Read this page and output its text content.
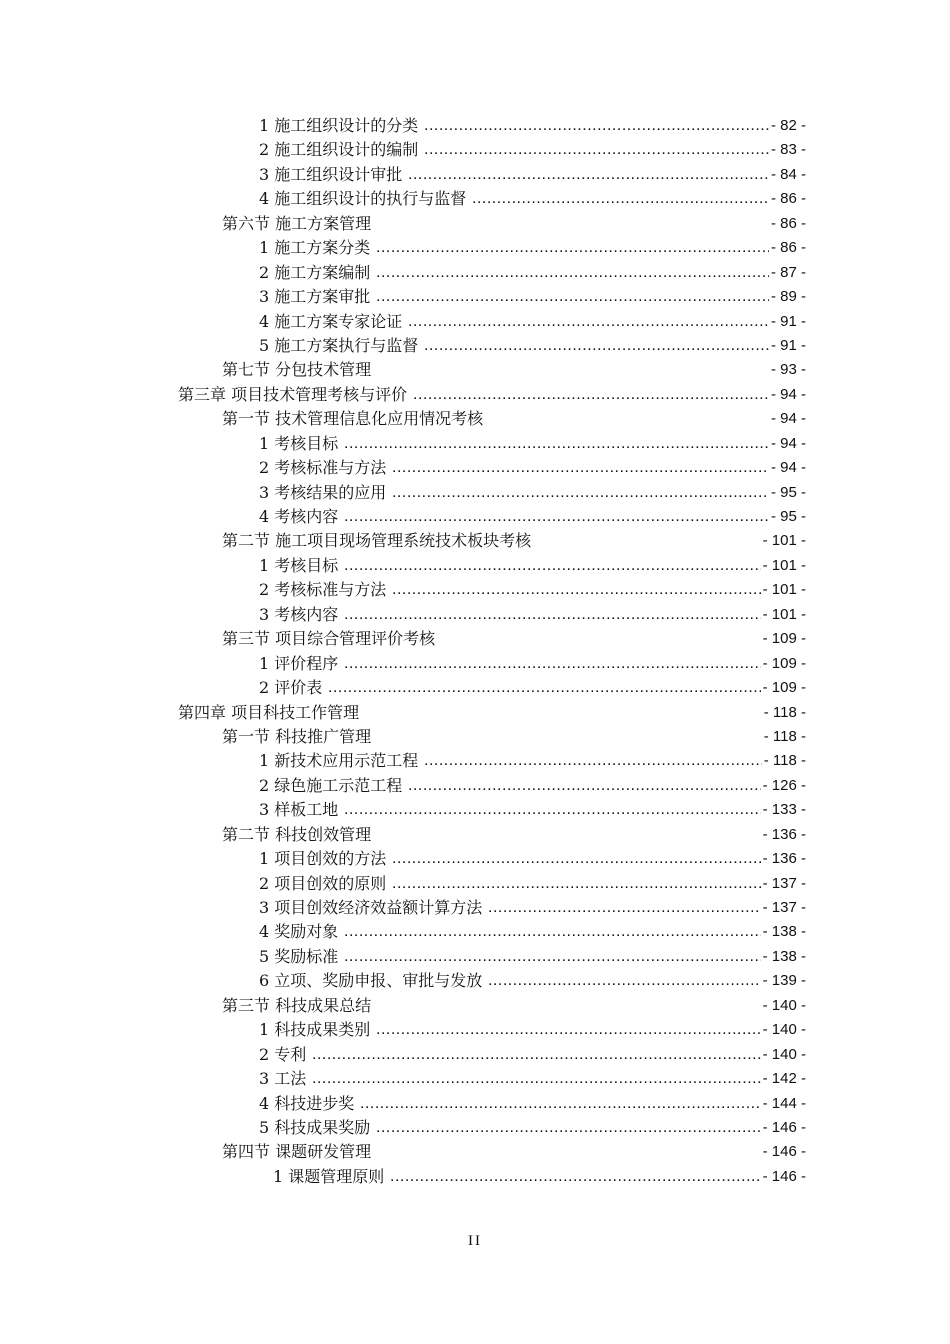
1 施工组织设计的分类	- 82 -
.....
2 施工组织设计的编制	- 83 -
.....
3 施工组织设计审批	- 84 -
.....
4 施工组织设计的执行与监督	- 86 -
.....
第六节 施工方案管理	- 86 -
1 施工方案分类	- 86 -
.....
2 施工方案编制	- 87 -
.....
3 施工方案审批	- 89 -
.....
4 施工方案专家论证	- 91 -
.....
5 施工方案执行与监督	- 91 -
.....
第七节 分包技术管理	- 93 -
第三章 项目技术管理考核与评价	- 94 -
.....
第一节 技术管理信息化应用情况考核	- 94 -
1 考核目标	- 94 -
.....
2 考核标准与方法	- 94 -
.....
3 考核结果的应用	- 95 -
.....
4 考核内容	- 95 -
.....
第二节 施工项目现场管理系统技术板块考核	- 101 -
1 考核目标	- 101 -
.....
2 考核标准与方法	- 101 -
.....
3 考核内容	- 101 -
.....
第三节 项目综合管理评价考核	- 109 -
1 评价程序	- 109 -
.....
2 评价表	- 109 -
.....
第四章 项目科技工作管理	- 118 -
第一节 科技推广管理	- 118 -
1 新技术应用示范工程	- 118 -
.....
2 绿色施工示范工程	- 126 -
.....
3 样板工地	- 133 -
.....
第二节 科技创效管理	- 136 -
1 项目创效的方法	- 136 -
.....
2 项目创效的原则	- 137 -
.....
3 项目创效经济效益额计算方法	- 137 -
.....
4 奖励对象	- 138 -
.....
5 奖励标准	- 138 -
.....
6 立项、奖励申报、审批与发放	- 139 -
.....
第三节 科技成果总结	- 140 -
1 科技成果类别	- 140 -
.....
2 专利	- 140 -
.....
3 工法	- 142 -
.....
4 科技进步奖	- 144 -
.....
5 科技成果奖励	- 146 -
.....
第四节 课题研发管理	- 146 -
1 课题管理原则	- 146 -
.....
II
